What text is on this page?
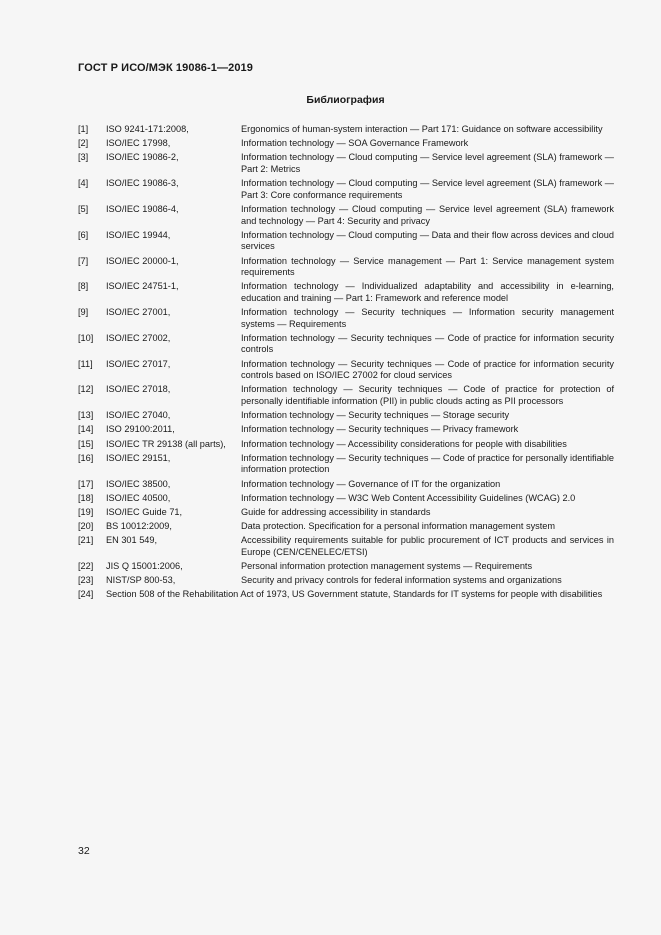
ГОСТ Р ИСО/МЭК 19086-1—2019
Библиография
[1]	ISO 9241-171:2008,	Ergonomics of human-system interaction — Part 171: Guidance on software accessibility
[2]	ISO/IEC 17998,	Information technology — SOA Governance Framework
[3]	ISO/IEC 19086-2,	Information technology — Cloud computing — Service level agreement (SLA) framework — Part 2: Metrics
[4]	ISO/IEC 19086-3,	Information technology — Cloud computing — Service level agreement (SLA) framework — Part 3: Core conformance requirements
[5]	ISO/IEC 19086-4,	Information technology — Cloud computing — Service level agreement (SLA) framework and technology — Part 4: Security and privacy
[6]	ISO/IEC 19944,	Information technology — Cloud computing — Data and their flow across devices and cloud services
[7]	ISO/IEC 20000-1,	Information technology — Service management — Part 1: Service management system requirements
[8]	ISO/IEC 24751-1,	Information technology — Individualized adaptability and accessibility in e-learning, education and training — Part 1: Framework and reference model
[9]	ISO/IEC 27001,	Information technology — Security techniques — Information security management systems — Requirements
[10]	ISO/IEC 27002,	Information technology — Security techniques — Code of practice for information security controls
[11]	ISO/IEC 27017,	Information technology — Security techniques — Code of practice for information security controls based on ISO/IEC 27002 for cloud services
[12]	ISO/IEC 27018,	Information technology — Security techniques — Code of practice for protection of personally identifiable information (PII) in public clouds acting as PII processors
[13]	ISO/IEC 27040,	Information technology — Security techniques — Storage security
[14]	ISO 29100:2011,	Information technology — Security techniques — Privacy framework
[15]	ISO/IEC TR 29138 (all parts),	Information technology — Accessibility considerations for people with disabilities
[16]	ISO/IEC 29151,	Information technology — Security techniques — Code of practice for personally identifiable information protection
[17]	ISO/IEC 38500,	Information technology — Governance of IT for the organization
[18]	ISO/IEC 40500,	Information technology — W3C Web Content Accessibility Guidelines (WCAG) 2.0
[19]	ISO/IEC Guide 71,	Guide for addressing accessibility in standards
[20]	BS 10012:2009,	Data protection. Specification for a personal information management system
[21]	EN 301 549,	Accessibility requirements suitable for public procurement of ICT products and services in Europe (CEN/CENELEC/ETSI)
[22]	JIS Q 15001:2006,	Personal information protection management systems — Requirements
[23]	NIST/SP 800-53,	Security and privacy controls for federal information systems and organizations
[24]	Section 508 of the Rehabilitation Act of 1973, US Government statute, Standards for IT systems for people with disabilities
32
